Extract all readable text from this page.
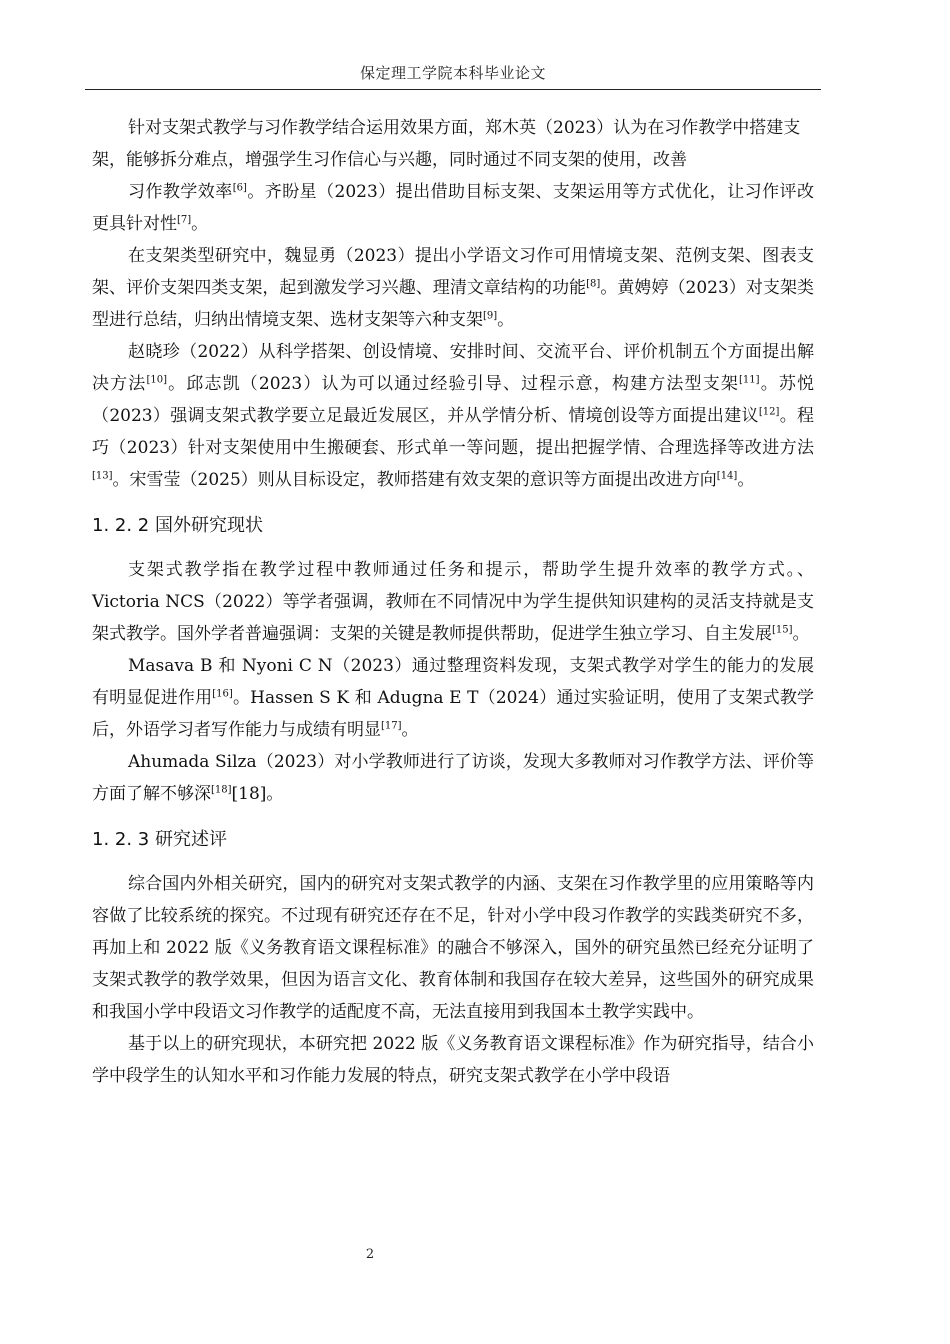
保定理工学院本科毕业论文

针对支架式教学与习作教学结合运用效果方面，郑木英（2023）认为在习作教学中搭建支架，能够拆分难点，增强学生习作信心与兴趣，同时通过不同支架的使用，改善

习作教学效率[6]。齐盼星（2023）提出借助目标支架、支架运用等方式优化，让习作评改更具针对性[7]。

在支架类型研究中，魏显勇（2023）提出小学语文习作可用情境支架、范例支架、图表支架、评价支架四类支架，起到激发学习兴趣、理清文章结构的功能[8]。黄娉婷（2023）对支架类型进行总结，归纳出情境支架、选材支架等六种支架[9]。

赵晓珍（2022）从科学搭架、创设情境、安排时间、交流平台、评价机制五个方面提出解决方法[10]。邱志凯（2023）认为可以通过经验引导、过程示意，构建方法型支架[11]。苏悦（2023）强调支架式教学要立足最近发展区，并从学情分析、情境创设等方面提出建议[12]。程巧（2023）针对支架使用中生搬硬套、形式单一等问题，提出把握学情、合理选择等改进方法[13]。宋雪莹（2025）则从目标设定，教师搭建有效支架的意识等方面提出改进方向[14]。

1. 2. 2 国外研究现状

支架式教学指在教学过程中教师通过任务和提示，帮助学生提升效率的教学方式。、Victoria NCS（2022）等学者强调，教师在不同情况中为学生提供知识建构的灵活支持就是支架式教学。国外学者普遍强调：支架的关键是教师提供帮助，促进学生独立学习、自主发展[15]。

Masava B 和 Nyoni C N（2023）通过整理资料发现，支架式教学对学生的能力的发展有明显促进作用[16]。Hassen S K 和 Adugna E T（2024）通过实验证明，使用了支架式教学后，外语学习者写作能力与成绩有明显[17]。

Ahumada Silza（2023）对小学教师进行了访谈，发现大多教师对习作教学方法、评价等方面了解不够深[18][18]。

1. 2. 3 研究述评

综合国内外相关研究，国内的研究对支架式教学的内涵、支架在习作教学里的应用策略等内容做了比较系统的探究。不过现有研究还存在不足，针对小学中段习作教学的实践类研究不多，再加上和 2022 版《义务教育语文课程标准》的融合不够深入，国外的研究虽然已经充分证明了支架式教学的教学效果，但因为语言文化、教育体制和我国存在较大差异，这些国外的研究成果和我国小学中段语文习作教学的适配度不高，无法直接用到我国本土教学实践中。

基于以上的研究现状，本研究把 2022 版《义务教育语文课程标准》作为研究指导，结合小学中段学生的认知水平和习作能力发展的特点，研究支架式教学在小学中段语

2
